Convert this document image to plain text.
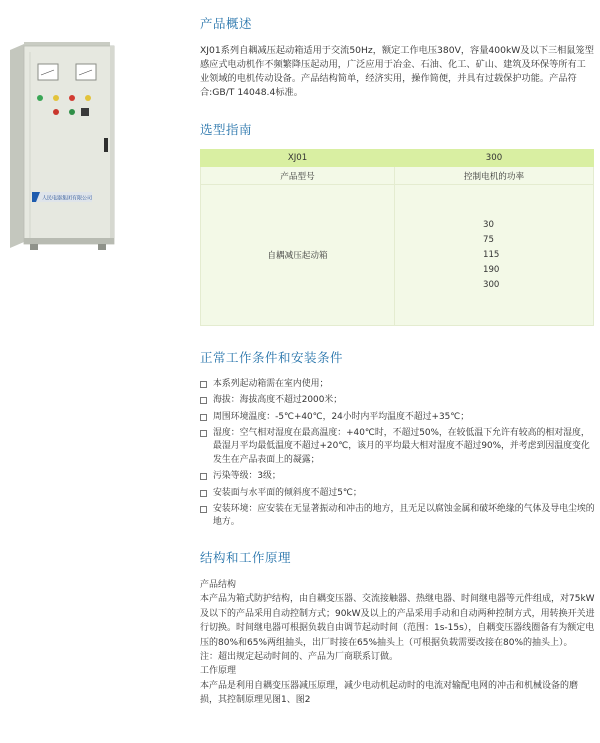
人民电器集团有限公司
产品概述
XJ01系列自耦减压起动箱适用于交流50Hz，额定工作电压380V，容量400kW及以下三相鼠笼型感应式电动机作不频繁降压起动用，广泛应用于冶金、石油、化工、矿山、建筑及环保等所有工业领域的电机传动设备。产品结构简单，经济实用，操作简便，并具有过载保护功能。产品符合:GB/T 14048.4标准。
选型指南
XJ01	300
产品型号	控制电机的功率
自耦减压起动箱	30
75
115
190
300
正常工作条件和安装条件
本系列起动箱需在室内使用；
海拔：海拔高度不超过2000米；
周围环境温度：-5℃+40℃，24小时内平均温度不超过+35℃；
湿度：空气相对湿度在最高温度：+40℃时，不超过50%，在较低温下允许有较高的相对湿度，最湿月平均最低温度不超过+20℃，该月的平均最大相对湿度不超过90%，并考虑到因温度变化发生在产品表面上的凝露；
污染等级：3级；
安装面与水平面的倾斜度不超过5℃；
安装环境：应安装在无显著振动和冲击的地方，且无足以腐蚀金属和破坏绝缘的气体及导电尘埃的地方。
结构和工作原理

产品结构

本产品为箱式防护结构，由自耦变压器、交流接触器、热继电器、时间继电器等元件组成，对75kW及以下的产品采用自动控制方式；90kW及以上的产品采用手动和自动两种控制方式，用转换开关进行切换。时间继电器可根据负载自由调节起动时间（范围：1s-15s），自耦变压器线圈备有为额定电压的80%和65%两组抽头，出厂时接在65%抽头上（可根据负载需要改接在80%的抽头上）。

注：超出规定起动时间的、产品为厂商联系订做。

工作原理

本产品是利用自耦变压器减压原理，减少电动机起动时的电流对输配电网的冲击和机械设备的磨损，其控制原理见图1、图2
